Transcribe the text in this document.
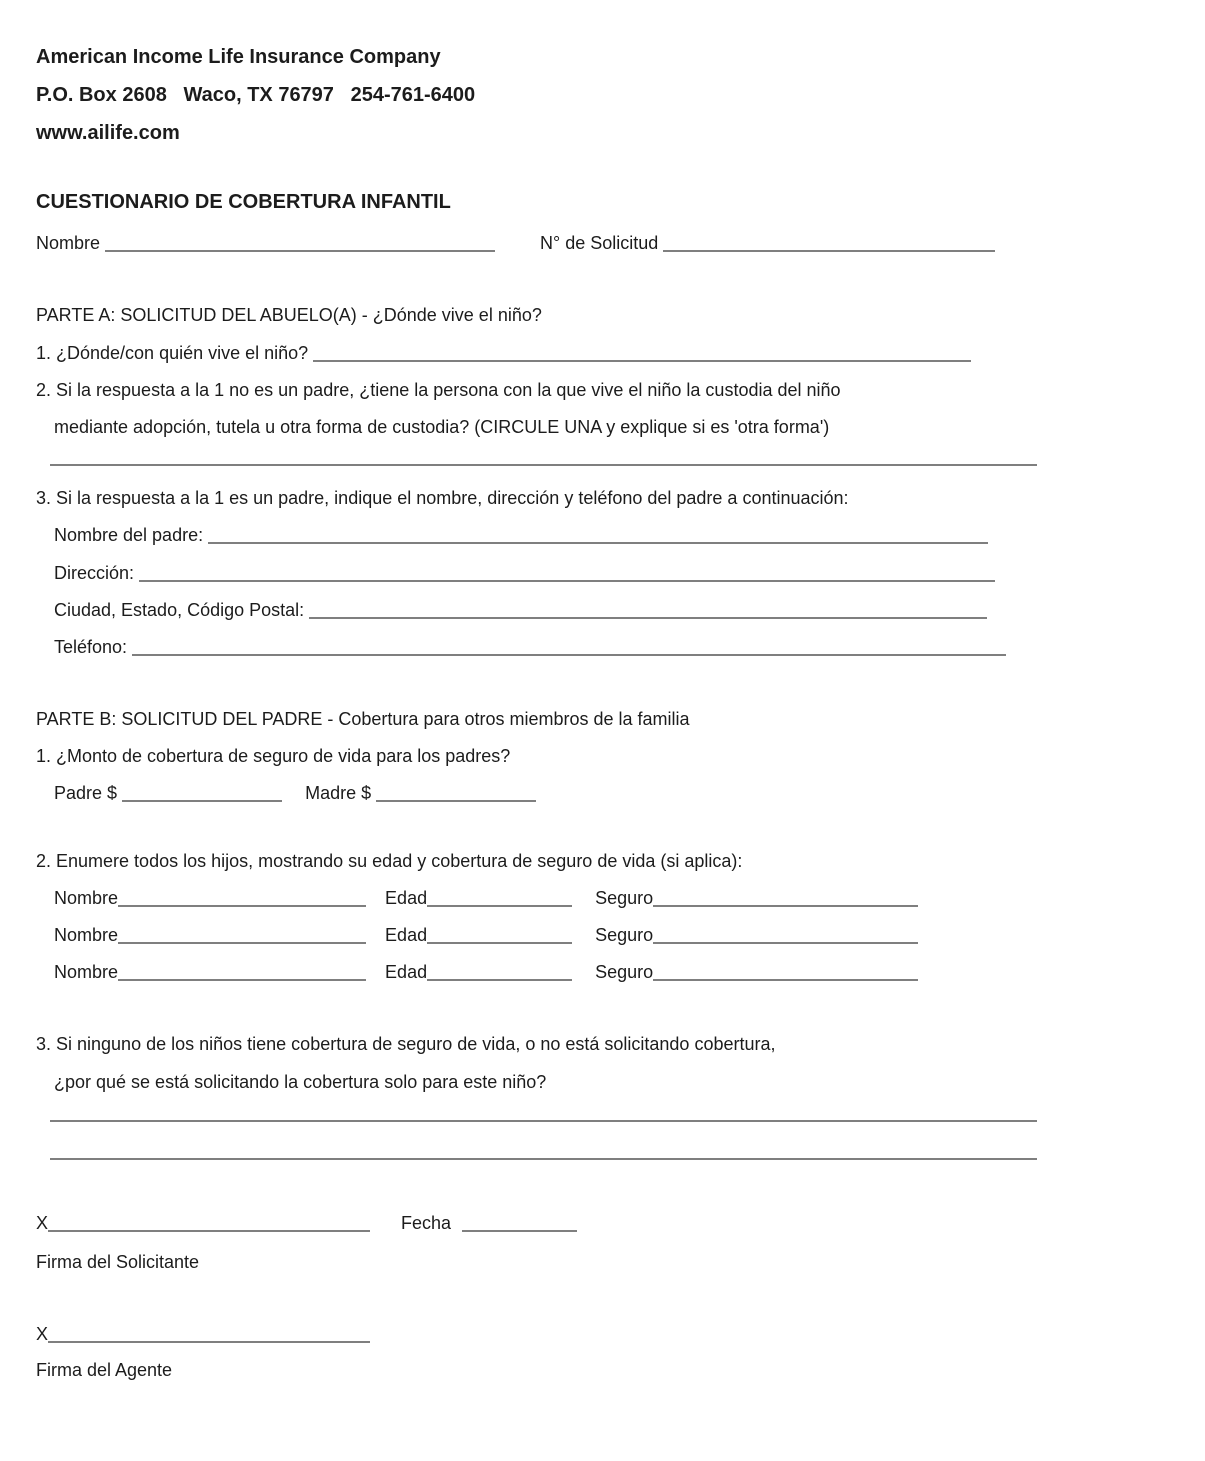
American Income Life Insurance Company
P.O. Box 2608   Waco, TX 76797   254-761-6400
www.ailife.com
CUESTIONARIO DE COBERTURA INFANTIL
Nombre	N° de Solicitud
PARTE A: SOLICITUD DEL ABUELO(A) - ¿Dónde vive el niño?
1. ¿Dónde/con quién vive el niño?
2. Si la respuesta a la 1 no es un padre, ¿tiene la persona con la que vive el niño la custodia del niño
mediante adopción, tutela u otra forma de custodia? (CIRCULE UNA y explique si es 'otra forma')
3. Si la respuesta a la 1 es un padre, indique el nombre, dirección y teléfono del padre a continuación:
Nombre del padre:
Dirección:
Ciudad, Estado, Código Postal:
Teléfono:
PARTE B: SOLICITUD DEL PADRE - Cobertura para otros miembros de la familia
1. ¿Monto de cobertura de seguro de vida para los padres?
Padre $	Madre $
2. Enumere todos los hijos, mostrando su edad y cobertura de seguro de vida (si aplica):
Nombre	Edad	Seguro
Nombre	Edad	Seguro
Nombre	Edad	Seguro
3. Si ninguno de los niños tiene cobertura de seguro de vida, o no está solicitando cobertura,
¿por qué se está solicitando la cobertura solo para este niño?
X	Fecha
Firma del Solicitante
X
Firma del Agente
